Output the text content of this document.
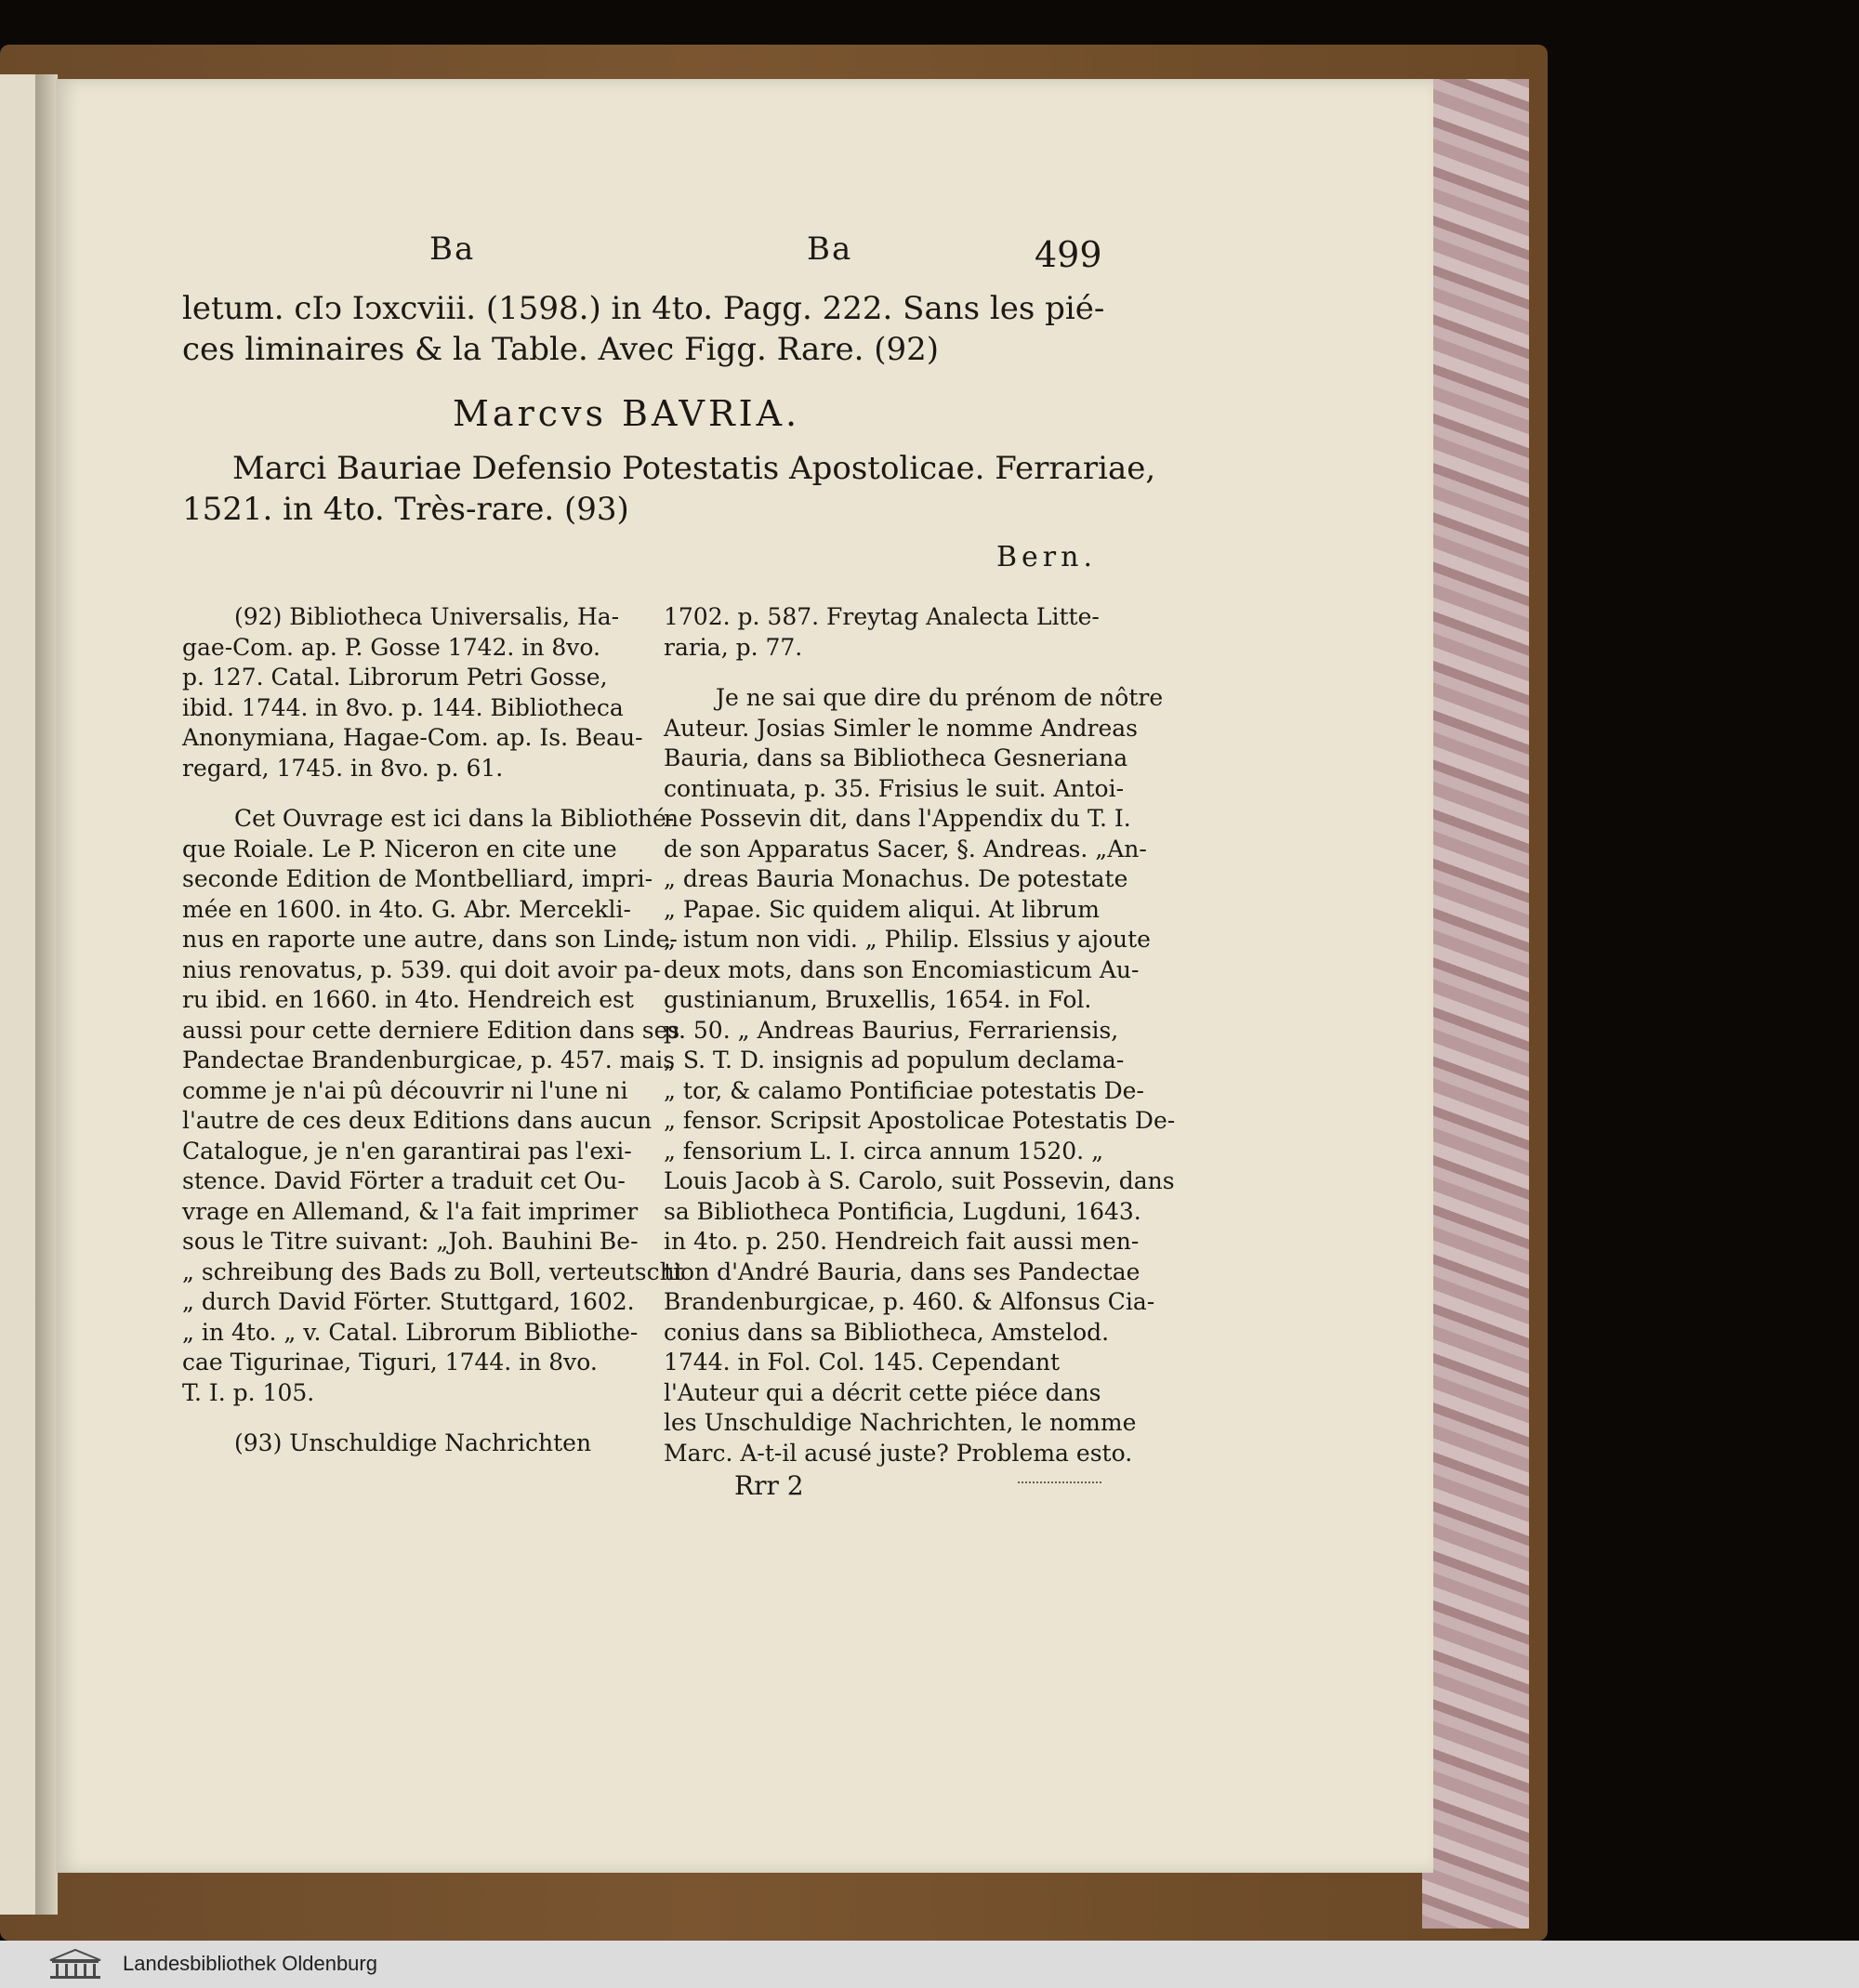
Ba	Ba	499
letum. cIↄ Iↄxcviii. (1598.) in 4to. Pagg. 222. Sans les pié-
ces liminaires & la Table. Avec Figg. Rare. (92)
Marcvs BAVRIA.
Marci Bauriae Defensio Potestatis Apostolicae. Ferrariae,
1521. in 4to. Très-rare. (93)
Bern.
(92) Bibliotheca Universalis, Ha-
gae-Com. ap. P. Gosse 1742. in 8vo.
p. 127. Catal. Librorum Petri Gosse,
ibid. 1744. in 8vo. p. 144. Bibliotheca
Anonymiana, Hagae-Com. ap. Is. Beau-
regard, 1745. in 8vo. p. 61.
Cet Ouvrage est ici dans la Bibliothé-
que Roiale. Le P. Niceron en cite une
seconde Edition de Montbelliard, impri-
mée en 1600. in 4to. G. Abr. Mercekli-
nus en raporte une autre, dans son Linde-
nius renovatus, p. 539. qui doit avoir pa-
ru ibid. en 1660. in 4to. Hendreich est
aussi pour cette derniere Edition dans ses
Pandectae Brandenburgicae, p. 457. mais
comme je n'ai pû découvrir ni l'une ni
l'autre de ces deux Editions dans aucun
Catalogue, je n'en garantirai pas l'exi-
stence. David Förter a traduit cet Ou-
vrage en Allemand, & l'a fait imprimer
sous le Titre suivant: „Joh. Bauhini Be-
„ schreibung des Bads zu Boll, verteutscht
„ durch David Förter. Stuttgard, 1602.
„ in 4to. „ v. Catal. Librorum Bibliothe-
cae Tigurinae, Tiguri, 1744. in 8vo.
T. I. p. 105.
(93) Unschuldige Nachrichten
1702. p. 587. Freytag Analecta Litte-
raria, p. 77.
Je ne sai que dire du prénom de nôtre
Auteur. Josias Simler le nomme Andreas
Bauria, dans sa Bibliotheca Gesneriana
continuata, p. 35. Frisius le suit. Antoi-
ne Possevin dit, dans l'Appendix du T. I.
de son Apparatus Sacer, §. Andreas. „An-
„ dreas Bauria Monachus. De potestate
„ Papae. Sic quidem aliqui. At librum
„ istum non vidi. „ Philip. Elssius y ajoute
deux mots, dans son Encomiasticum Au-
gustinianum, Bruxellis, 1654. in Fol.
p. 50. „ Andreas Baurius, Ferrariensis,
„ S. T. D. insignis ad populum declama-
„ tor, & calamo Pontificiae potestatis De-
„ fensor. Scripsit Apostolicae Potestatis De-
„ fensorium L. I. circa annum 1520. „
Louis Jacob à S. Carolo, suit Possevin, dans
sa Bibliotheca Pontificia, Lugduni, 1643.
in 4to. p. 250. Hendreich fait aussi men-
tion d'André Bauria, dans ses Pandectae
Brandenburgicae, p. 460. & Alfonsus Cia-
conius dans sa Bibliotheca, Amstelod.
1744. in Fol. Col. 145. Cependant
l'Auteur qui a décrit cette piéce dans
les Unschuldige Nachrichten, le nomme
Marc. A-t-il acusé juste? Problema esto.
Rrr 2
Landesbibliothek Oldenburg
